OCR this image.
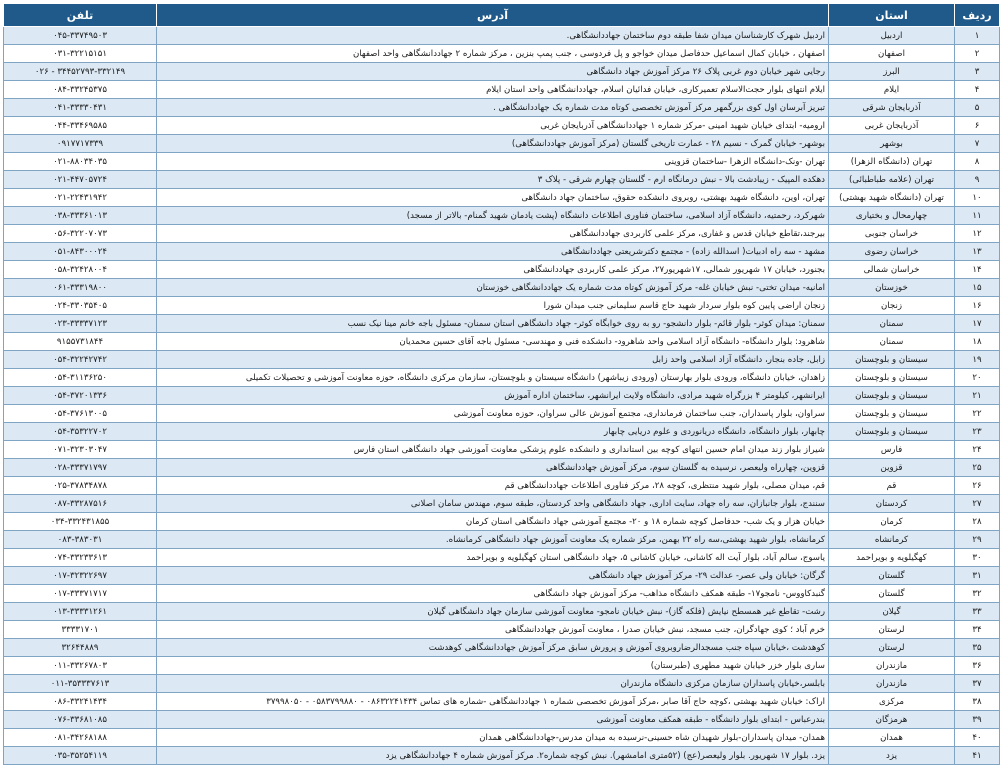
ردیف	استان	آدرس	تلفن
۱	اردبیل	اردبیل شهرک کارشناسان میدان شفا طبقه دوم ساختمان جهاددانشگاهی.	۰۴۵-۳۳۷۴۹۵۰۳
۲	اصفهان	اصفهان ، خیابان کمال اسماعیل حدفاصل میدان خواجو و پل فردوسی ، جنب پمپ بنزین ، مرکز شماره ۲ جهاددانشگاهی واحد اصفهان	۰۳۱-۳۲۲۱۵۱۵۱
۳	البرز	رجایی شهر خیابان دوم غربی پلاک ۲۶ مرکز آموزش جهاد دانشگاهی	۰۲۶ - ۳۴۴۵۲۷۹۳-۳۳۲۱۴۹
۴	ایلام	ایلام انتهای بلوار حجت‌الاسلام تعمیرکاری، خیابان فدائیان اسلام، جهاددانشگاهی واحد استان ایلام	۰۸۴-۳۳۲۴۵۳۷۵
۵	آذربایجان شرقی	تبریز آبرسان اول کوی بزرگمهر مرکز آموزش تخصصی کوتاه مدت شماره یک جهاددانشگاهی .	۰۴۱-۳۳۳۳۰۴۳۱
۶	آذربایجان غربی	ارومیه- ابتدای خیابان شهید امینی -مرکز شماره ۱ جهاددانشگاهی آذربایجان غربی	۰۴۴-۳۳۴۶۹۵۸۵
۷	بوشهر	بوشهر- خیابان گمرک - نسیم ۲۸ - عمارت تاریخی گلستان (مرکز آموزش جهاددانشگاهی)	۰۹۱۷۷۱۷۳۳۹
۸	تهران (دانشگاه الزهرا)	تهران -ونک-دانشگاه الزهرا -ساختمان قزوینی	۰۲۱-۸۸۰۳۴۰۳۵
۹	تهران (علامه طباطبائی)	دهکده المپیک - زیبادشت بالا - نبش درمانگاه ارم - گلستان چهارم شرقی - پلاک ۳	۰۲۱-۴۴۷۰۵۷۲۴
۱۰	تهران (دانشگاه شهید بهشتی)	تهران، اوین، دانشگاه شهید بهشتی، روبروی دانشکده حقوق، ساختمان جهاد دانشگاهی	۰۲۱-۲۲۴۳۱۹۴۲
۱۱	چهارمحال و بختیاری	شهرکرد، رحمتیه، دانشگاه آزاد اسلامی، ساختمان فناوری اطلاعات دانشگاه (پشت یادمان شهید گمنام- بالاتر از مسجد)	۰۳۸-۳۳۳۶۱۰۱۳
۱۲	خراسان جنوبی	بیرجند،تقاطع خیابان قدس و غفاری، مرکز علمی کاربردی جهاددانشگاهی	۰۵۶-۳۲۲۰۷۰۷۳
۱۳	خراسان رضوی	مشهد - سه راه ادبیات( اسدالله زاده) - مجتمع دکترشریعتی جهاددانشگاهی	۰۵۱-۸۴۳۰۰۰۲۴
۱۴	خراسان شمالی	بجنورد، خیابان ۱۷ شهریور شمالی، ۱۷شهریور۲۷، مرکز علمی کاربردی جهاددانشگاهی	۰۵۸-۳۲۴۲۸۰۰۴
۱۵	خوزستان	امانیه- میدان تختی- نبش خیابان غله- مرکز آموزش کوتاه مدت شماره یک جهاددانشگاهی خوزستان	۰۶۱-۳۳۳۱۹۸۰۰
۱۶	زنجان	زنجان اراضی پایین کوه بلوار سردار شهید حاج قاسم سلیمانی جنب میدان شورا	۰۲۴-۳۳۰۳۵۴۰۵
۱۷	سمنان	سمنان: میدان کوثر- بلوار قائم- بلوار دانشجو- رو به روی خوابگاه کوثر- جهاد دانشگاهی استان سمنان- مسئول باجه خانم مینا نیک نسب	۰۲۳-۳۳۳۳۷۱۲۳
۱۸	سمنان	شاهرود: بلوار دانشگاه- دانشگاه آزاد اسلامی واحد شاهرود- دانشکده فنی و مهندسی- مسئول باجه آقای حسین محمدیان	۹۱۵۵۷۳۱۸۴۴
۱۹	سیستان و بلوچستان	زابل، جاده بنجار، دانشگاه آزاد اسلامی واحد زابل	۰۵۴-۳۲۲۴۲۷۴۲
۲۰	سیستان و بلوچستان	زاهدان، خیابان دانشگاه، ورودی بلوار بهارستان (ورودی زیباشهر) دانشگاه سیستان و بلوچستان، سازمان مرکزی دانشگاه، حوزه معاونت آموزشی و تحصیلات تکمیلی	۰۵۴-۳۱۱۳۶۲۵۰
۲۱	سیستان و بلوچستان	ایرانشهر، کیلومتر ۴ بزرگراه شهید مرادی، دانشگاه ولایت ایرانشهر، ساختمان اداره آموزش	۰۵۴-۳۷۲۰۱۳۳۶
۲۲	سیستان و بلوچستان	سراوان، بلوار پاسداران، جنب ساختمان فرمانداری، مجتمع آموزش عالی سراوان، حوزه معاونت آموزشی	۰۵۴-۳۷۶۱۳۰۰۵
۲۳	سیستان و بلوچستان	چابهار، بلوار دانشگاه، دانشگاه دریانوردی و علوم دریایی چابهار	۰۵۴-۳۵۳۲۲۷۰۲
۲۴	فارس	شیراز بلوار زند میدان امام حسین انتهای کوچه بین استانداری و دانشکده علوم پزشکی معاونت آموزشی جهاد دانشگاهی استان فارس	۰۷۱-۳۲۳۰۳۰۴۷
۲۵	قزوین	قزوین، چهارراه ولیعصر، نرسیده به گلستان سوم، مرکز آموزش جهاددانشگاهی	۰۲۸-۳۳۳۷۱۷۹۷
۲۶	قم	قم، میدان مصلی، بلوار شهید منتظری، کوچه ۲۸، مرکز فناوری اطلاعات جهاددانشگاهی قم	۰۲۵-۳۷۸۳۴۸۷۸
۲۷	کردستان	سنندج، بلوار جانبازان، سه راه جهاد، سایت اداری، جهاد دانشگاهی واحد کردستان، طبقه سوم، مهندس سامان اصلانی	۰۸۷-۳۳۲۸۷۵۱۶
۲۸	کرمان	خیابان هزار و یک شب- حدفاصل کوچه شماره ۱۸ و ۲۰- مجتمع آموزشی جهاد دانشگاهی استان کرمان	۰۳۴-۳۳۲۴۳۱۸۵۵
۲۹	کرمانشاه	کرمانشاه، بلوار شهید بهشتی،سه راه ۲۲ بهمن، مرکز شماره یک معاونت آموزش جهاد دانشگاهی کرمانشاه.	۰۸۳-۳۸۳۰۳۱
۳۰	کهگیلویه و بویراحمد	یاسوج، سالم آباد، بلوار آیت اله کاشانی، خیابان کاشانی ۵، جهاد دانشگاهی استان کهگیلویه و بویراحمد	۰۷۴-۳۳۲۳۳۶۱۳
۳۱	گلستان	گرگان: خیابان ولی عصر- عدالت ۲۹- مرکز آموزش جهاد دانشگاهی	۰۱۷-۳۲۳۲۲۶۹۷
۳۲	گلستان	گنبدکاووس- نامجو۱۷- طبقه همکف دانشگاه مذاهب- مرکز آموزش جهاد دانشگاهی	۰۱۷-۳۳۳۷۱۷۱۷
۳۳	گیلان	رشت- تقاطع غیر همسطح نیایش (فلکه گاز)- نبش خیابان نامجو- معاونت آموزشی سازمان جهاد دانشگاهی گیلان	۰۱۳-۳۳۳۳۱۲۶۱
۳۴	لرستان	خرم آباد ؛ کوی جهادگران، جنب مسجد، نبش خیابان صدرا ، معاونت آموزش جهاددانشگاهی	۳۳۳۳۱۷۰۱
۳۵	لرستان	کوهدشت ،خیابان سپاه جنب مسجدالرضاروبروی آموزش و پرورش سابق مرکز آموزش جهاددانشگاهی کوهدشت	۳۲۶۴۴۸۸۹
۳۶	مازندران	ساری بلوار خزر خیابان شهید مطهری (طبرستان)	۰۱۱-۳۳۲۶۷۸۰۳
۳۷	مازندران	بابلسر،خیابان پاسداران سازمان مرکزی دانشگاه مازندران	۰۱۱-۳۵۳۳۳۷۶۱۳
۳۸	مرکزی	اراک: خیابان شهید بهشتی ،کوچه حاج آقا صابر ،مرکز آموزش تخصصی شماره ۱ جهاددانشگاهی -شماره های تماس ۰۸۶۳۲۲۴۱۴۳۴ - ۰۵۸۳۷۹۹۸۸۰ - ۳۷۹۹۸۰۵۰	۰۸۶-۳۳۲۴۱۴۳۴
۳۹	هرمزگان	بندرعباس - ابتدای بلوار دانشگاه - طبقه همکف معاونت آموزشی	۰۷۶-۳۳۶۸۱۰۸۵
۴۰	همدان	همدان- میدان پاسداران-بلوار شهیدان شاه حسینی-نرسیده به میدان مدرس-جهاددانشگاهی همدان	۰۸۱-۳۴۲۶۸۱۸۸
۴۱	یزد	یزد. بلوار ۱۷ شهریور. بلوار ولیعصر(عج) (۵۲متری امامشهر). نبش کوچه شماره۲. مرکز آموزش شماره ۴ جهاددانشگاهی یزد	۰۳۵-۳۵۲۵۴۱۱۹
